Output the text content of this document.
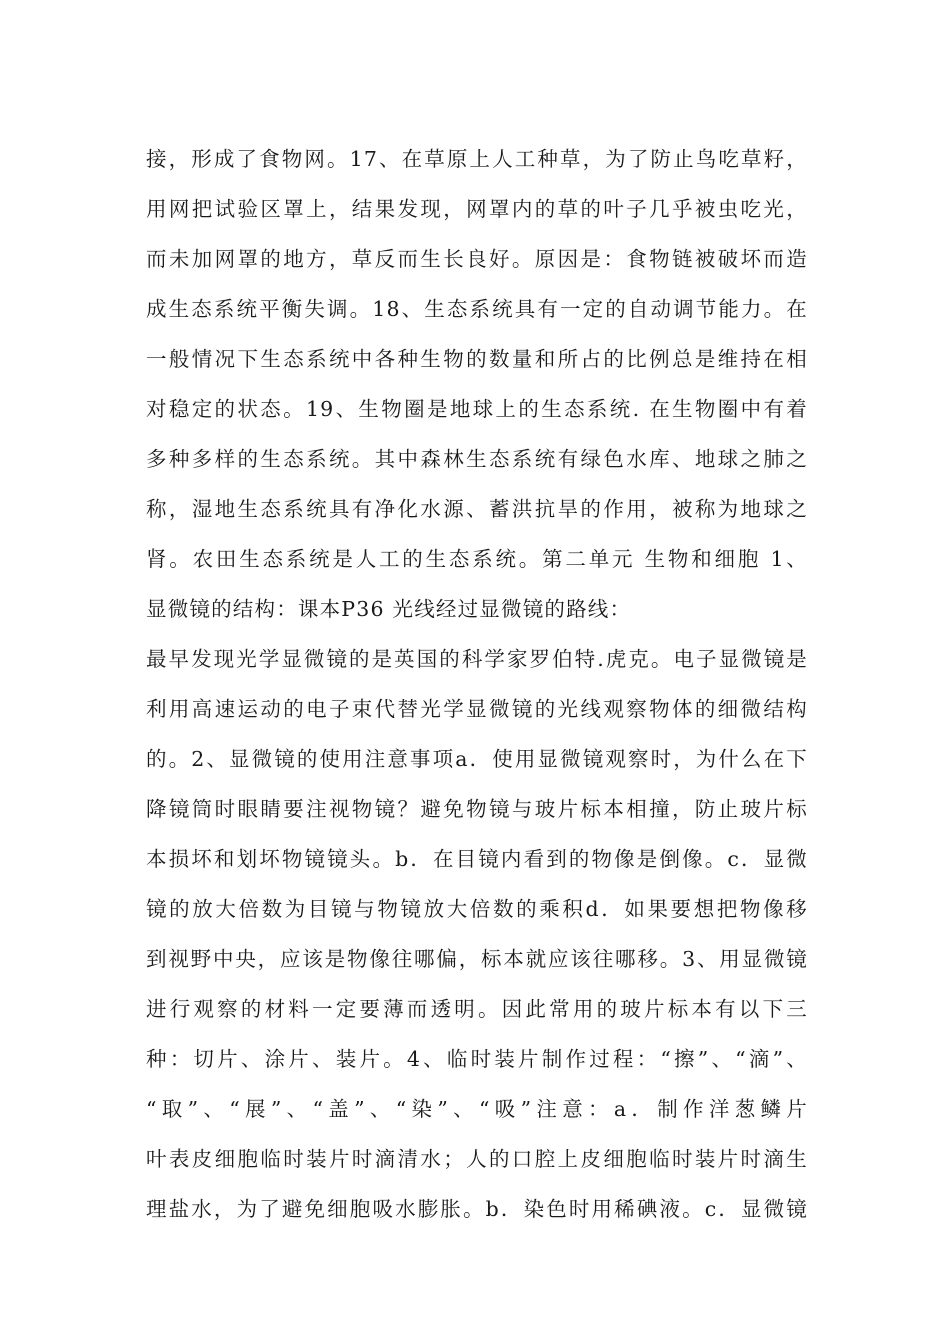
接，形成了食物网。17、在草原上人工种草，为了防止鸟吃草籽，
用网把试验区罩上，结果发现，网罩内的草的叶子几乎被虫吃光，
而未加网罩的地方，草反而生长良好。原因是：食物链被破坏而造
成生态系统平衡失调。18、生态系统具有一定的自动调节能力。在
一般情况下生态系统中各种生物的数量和所占的比例总是维持在相
对稳定的状态。19、生物圈是地球上的生态系统. 在生物圈中有着
多种多样的生态系统。其中森林生态系统有绿色水库、地球之肺之
称，湿地生态系统具有净化水源、蓄洪抗旱的作用，被称为地球之
肾。农田生态系统是人工的生态系统。第二单元 生物和细胞 1、
显微镜的结构：课本P36 光线经过显微镜的路线：
最早发现光学显微镜的是英国的科学家罗伯特.虎克。电子显微镜是
利用高速运动的电子束代替光学显微镜的光线观察物体的细微结构
的。2、显微镜的使用注意事项a．使用显微镜观察时，为什么在下
降镜筒时眼睛要注视物镜？避免物镜与玻片标本相撞，防止玻片标
本损坏和划坏物镜镜头。b．在目镜内看到的物像是倒像。c．显微
镜的放大倍数为目镜与物镜放大倍数的乘积d．如果要想把物像移
到视野中央，应该是物像往哪偏，标本就应该往哪移。3、用显微镜
进行观察的材料一定要薄而透明。因此常用的玻片标本有以下三
种：切片、涂片、装片。4、临时装片制作过程：“擦”、“滴”、
“取”、“展”、“盖”、“染”、“吸”注意：a．制作洋葱鳞片
叶表皮细胞临时装片时滴清水；人的口腔上皮细胞临时装片时滴生
理盐水，为了避免细胞吸水膨胀。b．染色时用稀碘液。c．显微镜
